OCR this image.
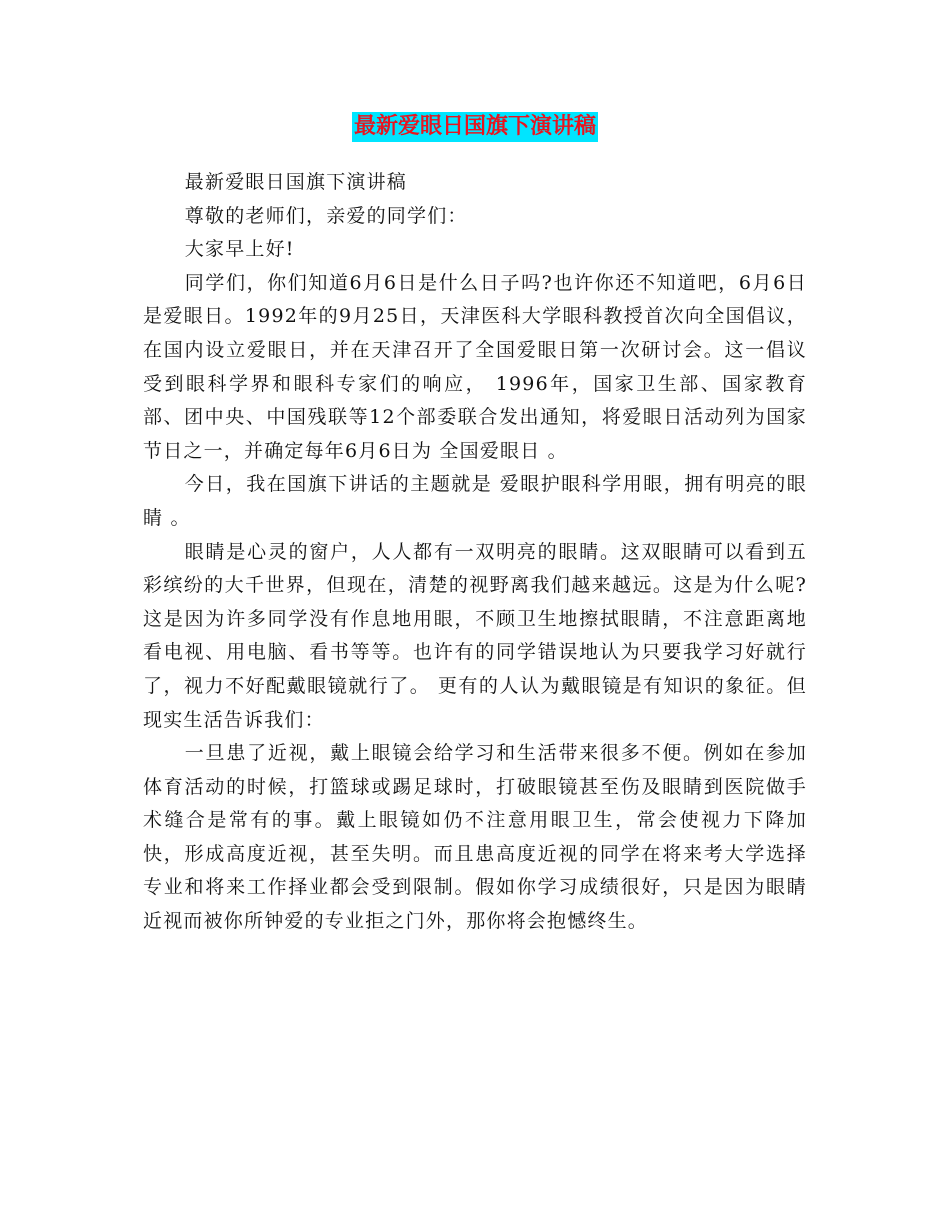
最新爱眼日国旗下演讲稿

最新爱眼日国旗下演讲稿

尊敬的老师们，亲爱的同学们：

大家早上好!

同学们，你们知道6月6日是什么日子吗?也许你还不知道吧，6月6日是爱眼日。1992年的9月25日，天津医科大学眼科教授首次向全国倡议，在国内设立爱眼日，并在天津召开了全国爱眼日第一次研讨会。这一倡议受到眼科学界和眼科专家们的响应， 1996年，国家卫生部、国家教育部、团中央、中国残联等12个部委联合发出通知，将爱眼日活动列为国家节日之一，并确定每年6月6日为 全国爱眼日 。

今日，我在国旗下讲话的主题就是 爱眼护眼科学用眼，拥有明亮的眼睛 。

眼睛是心灵的窗户，人人都有一双明亮的眼睛。这双眼睛可以看到五彩缤纷的大千世界，但现在，清楚的视野离我们越来越远。这是为什么呢?这是因为许多同学没有作息地用眼，不顾卫生地擦拭眼睛，不注意距离地看电视、用电脑、看书等等。也许有的同学错误地认为只要我学习好就行了，视力不好配戴眼镜就行了。 更有的人认为戴眼镜是有知识的象征。但现实生活告诉我们：

一旦患了近视，戴上眼镜会给学习和生活带来很多不便。例如在参加体育活动的时候，打篮球或踢足球时，打破眼镜甚至伤及眼睛到医院做手术缝合是常有的事。戴上眼镜如仍不注意用眼卫生，常会使视力下降加快，形成高度近视，甚至失明。而且患高度近视的同学在将来考大学选择专业和将来工作择业都会受到限制。假如你学习成绩很好，只是因为眼睛近视而被你所钟爱的专业拒之门外，那你将会抱憾终生。
